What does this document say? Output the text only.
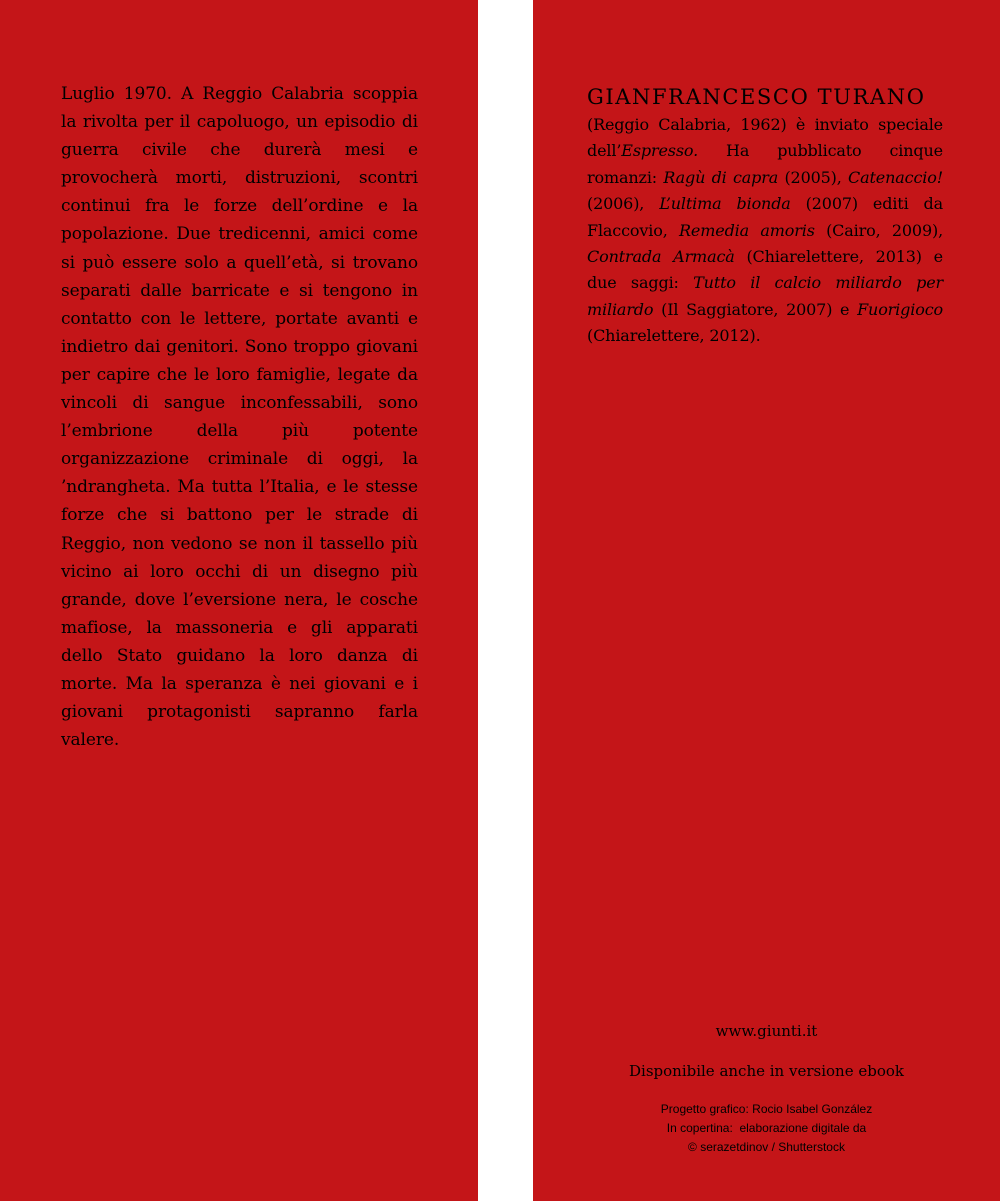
Luglio 1970. A Reggio Calabria scoppia la rivolta per il capoluogo, un episodio di guerra civile che durerà mesi e provocherà morti, distruzioni, scontri continui fra le forze dell’ordine e la popolazione. Due tredicenni, amici come si può essere solo a quell’età, si trovano separati dalle barricate e si tengono in contatto con le lettere, portate avanti e indietro dai genitori. Sono troppo giovani per capire che le loro famiglie, legate da vincoli di sangue inconfessabili, sono l’embrione della più potente organizzazione criminale di oggi, la ’ndrangheta. Ma tutta l’Italia, e le stesse forze che si battono per le strade di Reggio, non vedono se non il tassello più vicino ai loro occhi di un disegno più grande, dove l’eversione nera, le cosche mafiose, la massoneria e gli apparati dello Stato guidano la loro danza di morte. Ma la speranza è nei giovani e i giovani protagonisti sapranno farla valere.
GIANFRANCESCO TURANO
(Reggio Calabria, 1962) è inviato speciale dell’Espresso. Ha pubblicato cinque romanzi: Ragù di capra (2005), Catenaccio! (2006), L’ultima bionda (2007) editi da Flaccovio, Remedia amoris (Cairo, 2009), Contrada Armacà (Chiarelettere, 2013) e due saggi: Tutto il calcio miliardo per miliardo (Il Saggiatore, 2007) e Fuorigioco (Chiarelettere, 2012).
www.giunti.it
Disponibile anche in versione ebook
Progetto grafico: Rocio Isabel González
In copertina:  elaborazione digitale da
© serazetdinov / Shutterstock
